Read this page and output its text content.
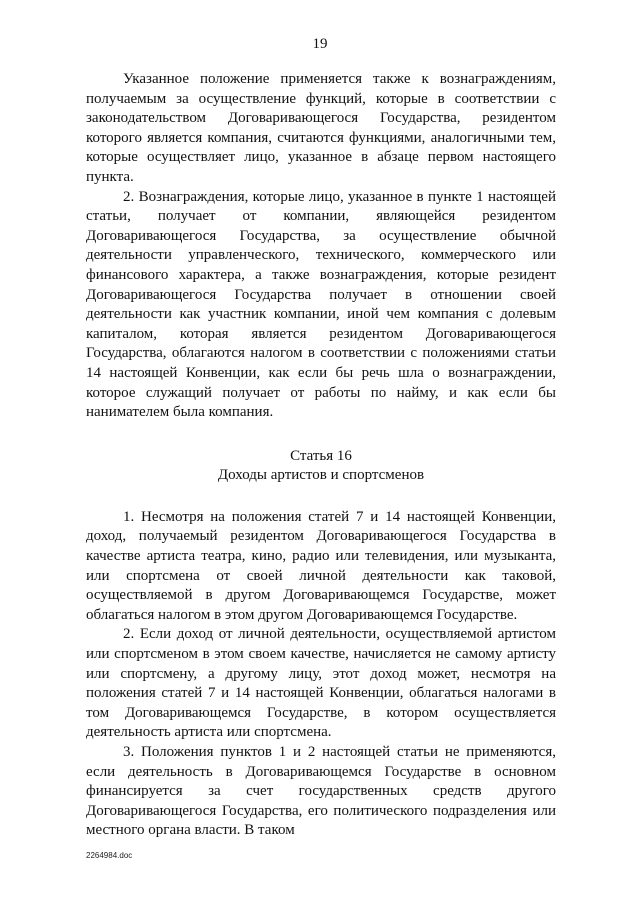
19

Указанное положение применяется также к вознаграждениям, получаемым за осуществление функций, которые в соответствии с законодательством Договаривающегося Государства, резидентом которого является компания, считаются функциями, аналогичными тем, которые осуществляет лицо, указанное в абзаце первом настоящего пункта.

2. Вознаграждения, которые лицо, указанное в пункте 1 настоящей статьи, получает от компании, являющейся резидентом Договаривающегося Государства, за осуществление обычной деятельности управленческого, технического, коммерческого или финансового характера, а также вознаграждения, которые резидент Договаривающегося Государства получает в отношении своей деятельности как участник компании, иной чем компания с долевым капиталом, которая является резидентом Договаривающегося Государства, облагаются налогом в соответствии с положениями статьи 14 настоящей Конвенции, как если бы речь шла о вознаграждении, которое служащий получает от работы по найму, и как если бы нанимателем была компания.

Статья 16

Доходы артистов и спортсменов

1. Несмотря на положения статей 7 и 14 настоящей Конвенции, доход, получаемый резидентом Договаривающегося Государства в качестве артиста театра, кино, радио или телевидения, или музыканта, или спортсмена от своей личной деятельности как таковой, осуществляемой в другом Договаривающемся Государстве, может облагаться налогом в этом другом Договаривающемся Государстве.

2. Если доход от личной деятельности, осуществляемой артистом или спортсменом в этом своем качестве, начисляется не самому артисту или спортсмену, а другому лицу, этот доход может, несмотря на положения статей 7 и 14 настоящей Конвенции, облагаться налогами в том Договаривающемся Государстве, в котором осуществляется деятельность артиста или спортсмена.

3. Положения пунктов 1 и 2 настоящей статьи не применяются, если деятельность в Договаривающемся Государстве в основном финансируется за счет государственных средств другого Договаривающегося Государства, его политического подразделения или местного органа власти. В таком

2264984.doc
